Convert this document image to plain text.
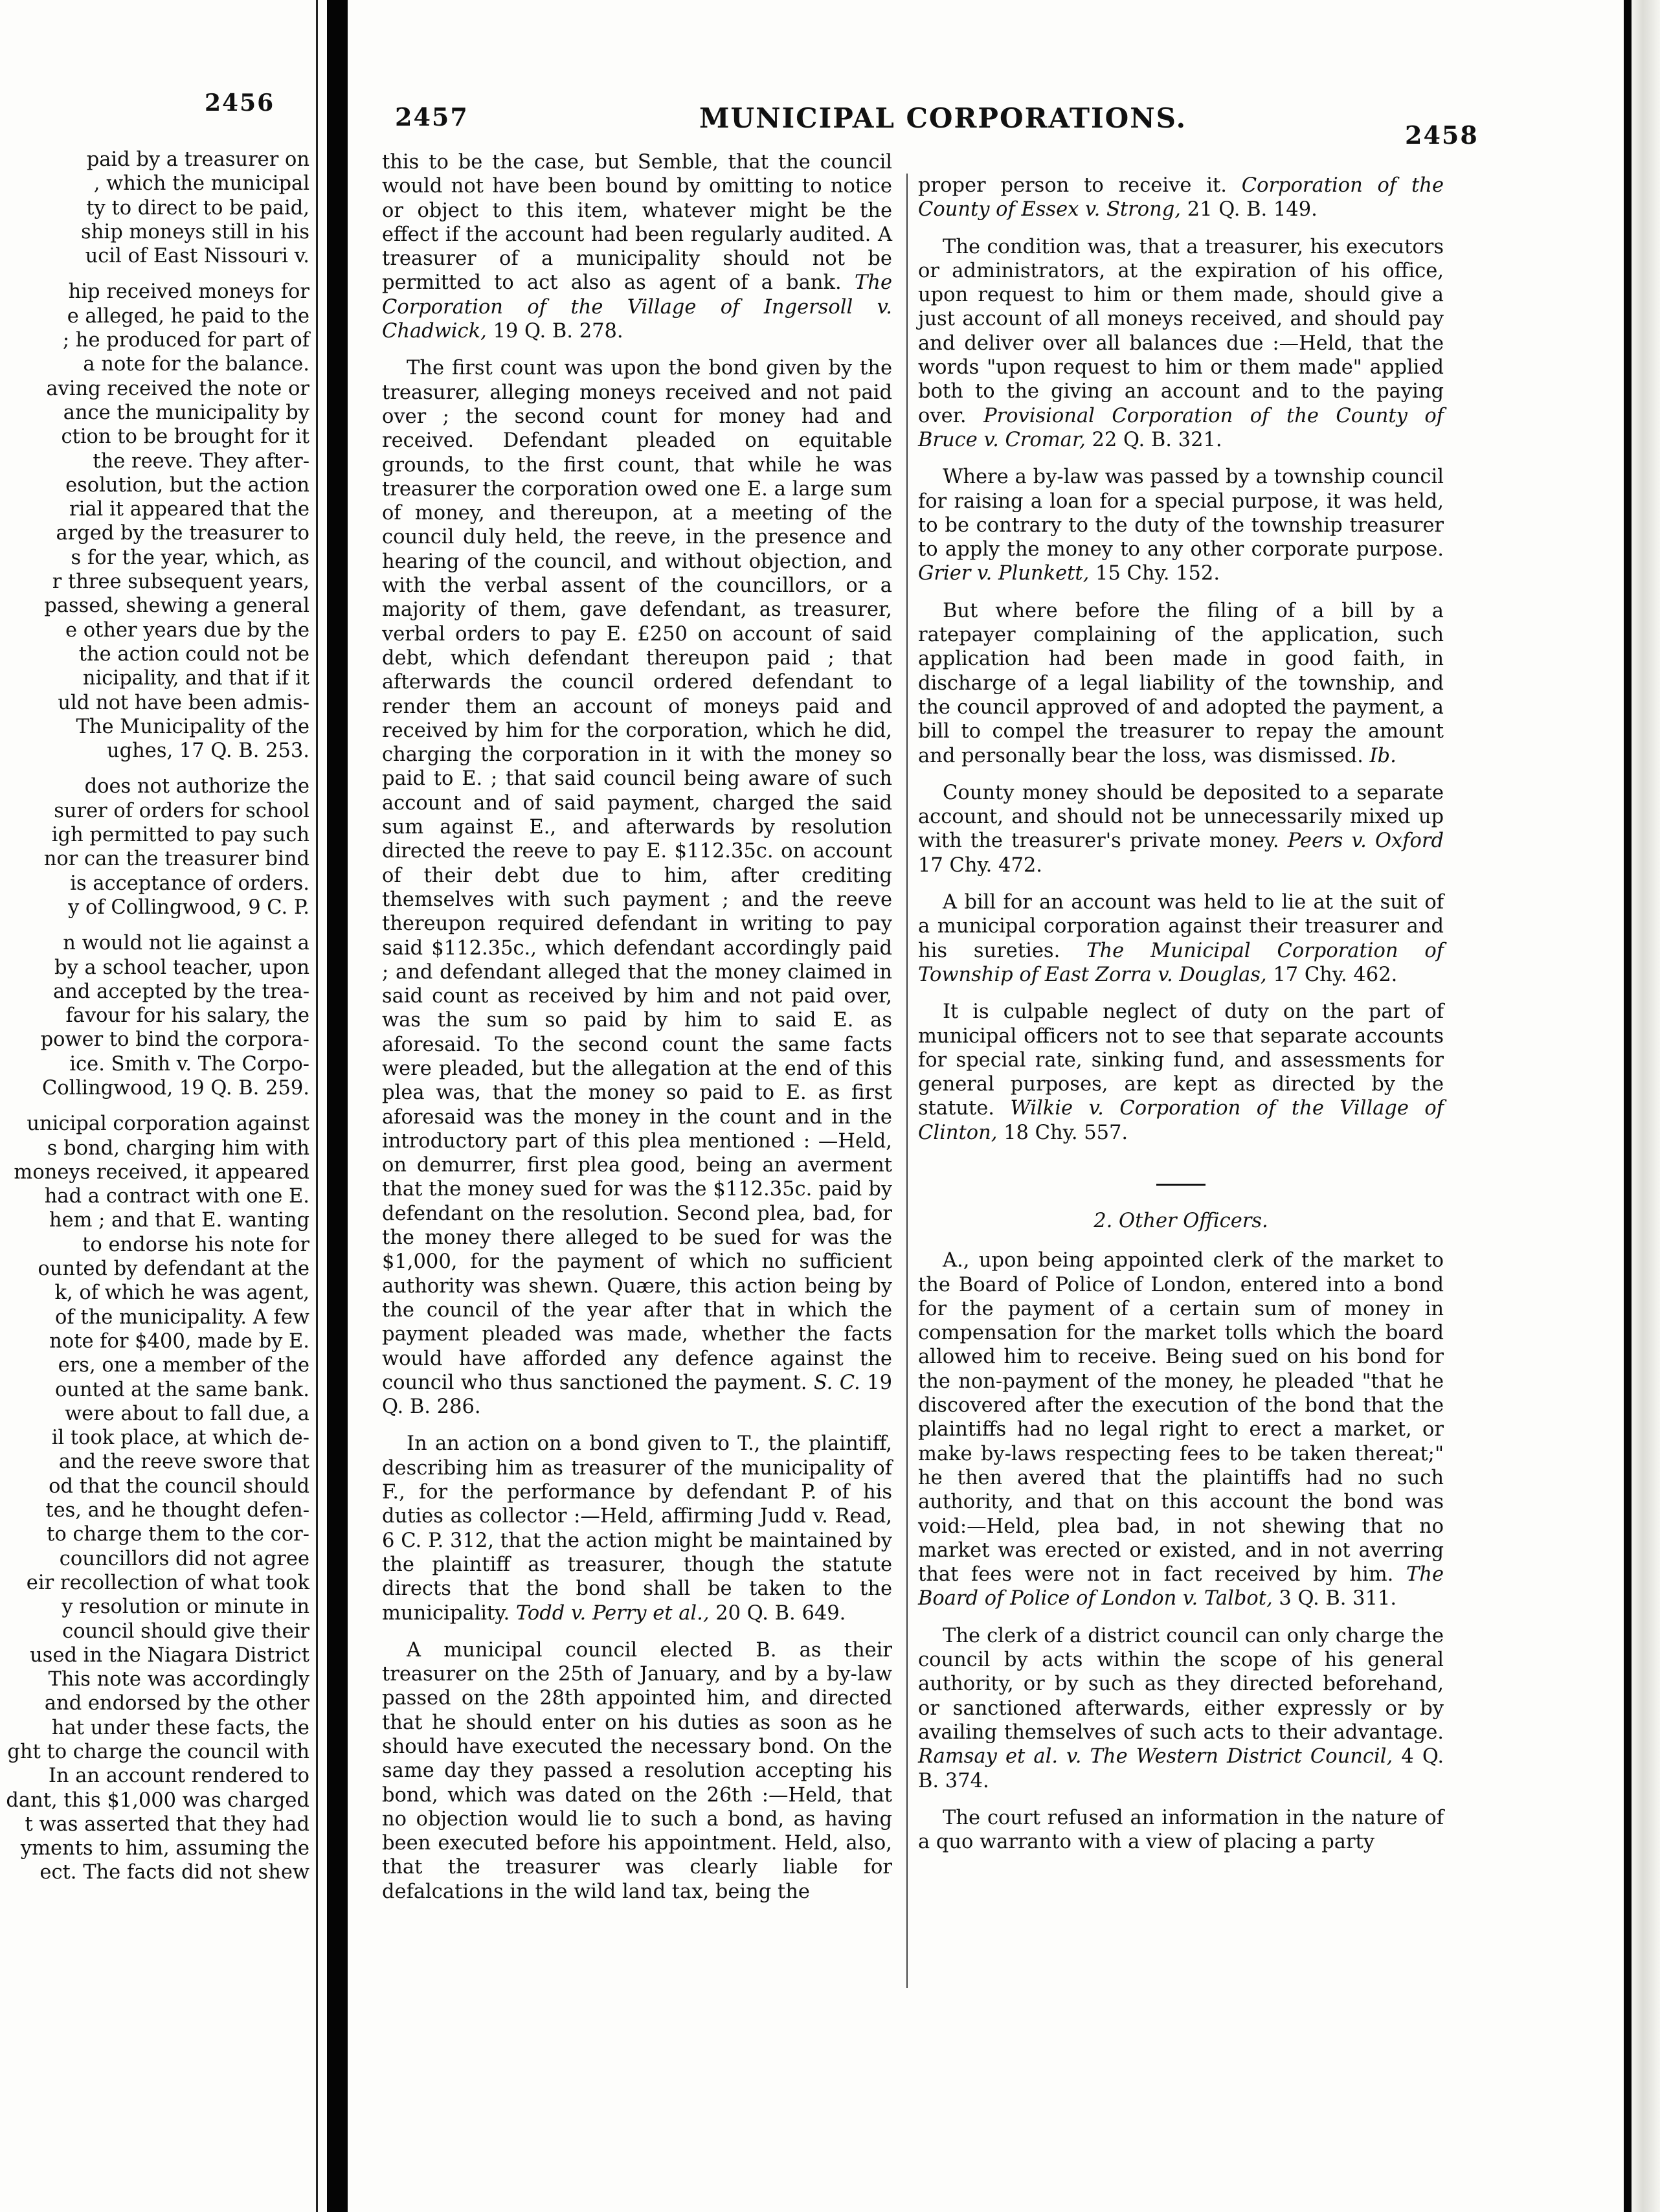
2456
paid by a treasurer on
, which the municipal
ty to direct to be paid,
ship moneys still in his
ucil of East Nissouri v.
hip received moneys for
e alleged, he paid to the
; he produced for part of
a note for the balance.
aving received the note or
ance the municipality by
ction to be brought for it
the reeve. They after-
esolution, but the action
rial it appeared that the
arged by the treasurer to
s for the year, which, as
r three subsequent years,
passed, shewing a general
e other years due by the
the action could not be
nicipality, and that if it
uld not have been admis-
The Municipality of the
ughes, 17 Q. B. 253.
does not authorize the
surer of orders for school
igh permitted to pay such
nor can the treasurer bind
is acceptance of orders.
y of Collingwood, 9 C. P.
n would not lie against a
by a school teacher, upon
and accepted by the trea-
favour for his salary, the
power to bind the corpora-
ice. Smith v. The Corpo-
Collingwood, 19 Q. B. 259.
unicipal corporation against
s bond, charging him with
moneys received, it appeared
had a contract with one E.
hem ; and that E. wanting
to endorse his note for
ounted by defendant at the
k, of which he was agent,
of the municipality. A few
note for $400, made by E.
ers, one a member of the
ounted at the same bank.
were about to fall due, a
il took place, at which de-
and the reeve swore that
od that the council should
tes, and he thought defen-
to charge them to the cor-
councillors did not agree
eir recollection of what took
y resolution or minute in
council should give their
used in the Niagara District
This note was accordingly
and endorsed by the other
hat under these facts, the
ght to charge the council with
In an account rendered to
dant, this $1,000 was charged
t was asserted that they had
yments to him, assuming the
ect. The facts did not shew
2457	MUNICIPAL CORPORATIONS.
2458

this to be the case, but Semble, that the council would not have been bound by omitting to notice or object to this item, whatever might be the effect if the account had been regularly audited. A treasurer of a municipality should not be permitted to act also as agent of a bank. The Corporation of the Village of Ingersoll v. Chadwick, 19 Q. B. 278.

The first count was upon the bond given by the treasurer, alleging moneys received and not paid over ; the second count for money had and received. Defendant pleaded on equitable grounds, to the first count, that while he was treasurer the corporation owed one E. a large sum of money, and thereupon, at a meeting of the council duly held, the reeve, in the presence and hearing of the council, and without objection, and with the verbal assent of the councillors, or a majority of them, gave defendant, as treasurer, verbal orders to pay E. £250 on account of said debt, which defendant thereupon paid ; that afterwards the council ordered defendant to render them an account of moneys paid and received by him for the corporation, which he did, charging the corporation in it with the money so paid to E. ; that said council being aware of such account and of said payment, charged the said sum against E., and afterwards by resolution directed the reeve to pay E. $112.35c. on account of their debt due to him, after crediting themselves with such payment ; and the reeve thereupon required defendant in writing to pay said $112.35c., which defendant accordingly paid ; and defendant alleged that the money claimed in said count as received by him and not paid over, was the sum so paid by him to said E. as aforesaid. To the second count the same facts were pleaded, but the allegation at the end of this plea was, that the money so paid to E. as first aforesaid was the money in the count and in the introductory part of this plea mentioned : —Held, on demurrer, first plea good, being an averment that the money sued for was the $112.35c. paid by defendant on the resolution. Second plea, bad, for the money there alleged to be sued for was the $1,000, for the payment of which no sufficient authority was shewn. Quære, this action being by the council of the year after that in which the payment pleaded was made, whether the facts would have afforded any defence against the council who thus sanctioned the payment. S. C. 19 Q. B. 286.

In an action on a bond given to T., the plaintiff, describing him as treasurer of the municipality of F., for the performance by defendant P. of his duties as collector :—Held, affirming Judd v. Read, 6 C. P. 312, that the action might be maintained by the plaintiff as treasurer, though the statute directs that the bond shall be taken to the municipality. Todd v. Perry et al., 20 Q. B. 649.

A municipal council elected B. as their treasurer on the 25th of January, and by a by-law passed on the 28th appointed him, and directed that he should enter on his duties as soon as he should have executed the necessary bond. On the same day they passed a resolution accepting his bond, which was dated on the 26th :—Held, that no objection would lie to such a bond, as having been executed before his appointment. Held, also, that the treasurer was clearly liable for defalcations in the wild land tax, being the

proper person to receive it. Corporation of the County of Essex v. Strong, 21 Q. B. 149.

The condition was, that a treasurer, his executors or administrators, at the expiration of his office, upon request to him or them made, should give a just account of all moneys received, and should pay and deliver over all balances due :—Held, that the words "upon request to him or them made" applied both to the giving an account and to the paying over. Provisional Corporation of the County of Bruce v. Cromar, 22 Q. B. 321.

Where a by-law was passed by a township council for raising a loan for a special purpose, it was held, to be contrary to the duty of the township treasurer to apply the money to any other corporate purpose. Grier v. Plunkett, 15 Chy. 152.

But where before the filing of a bill by a ratepayer complaining of the application, such application had been made in good faith, in discharge of a legal liability of the township, and the council approved of and adopted the payment, a bill to compel the treasurer to repay the amount and personally bear the loss, was dismissed. Ib.

County money should be deposited to a separate account, and should not be unnecessarily mixed up with the treasurer's private money. Peers v. Oxford 17 Chy. 472.

A bill for an account was held to lie at the suit of a municipal corporation against their treasurer and his sureties. The Municipal Corporation of Township of East Zorra v. Douglas, 17 Chy. 462.

It is culpable neglect of duty on the part of municipal officers not to see that separate accounts for special rate, sinking fund, and assessments for general purposes, are kept as directed by the statute. Wilkie v. Corporation of the Village of Clinton, 18 Chy. 557.

2. Other Officers.

A., upon being appointed clerk of the market to the Board of Police of London, entered into a bond for the payment of a certain sum of money in compensation for the market tolls which the board allowed him to receive. Being sued on his bond for the non-payment of the money, he pleaded "that he discovered after the execution of the bond that the plaintiffs had no legal right to erect a market, or make by-laws respecting fees to be taken thereat;" he then avered that the plaintiffs had no such authority, and that on this account the bond was void:—Held, plea bad, in not shewing that no market was erected or existed, and in not averring that fees were not in fact received by him. The Board of Police of London v. Talbot, 3 Q. B. 311.

The clerk of a district council can only charge the council by acts within the scope of his general authority, or by such as they directed beforehand, or sanctioned afterwards, either expressly or by availing themselves of such acts to their advantage. Ramsay et al. v. The Western District Council, 4 Q. B. 374.

The court refused an information in the nature of a quo warranto with a view of placing a party
